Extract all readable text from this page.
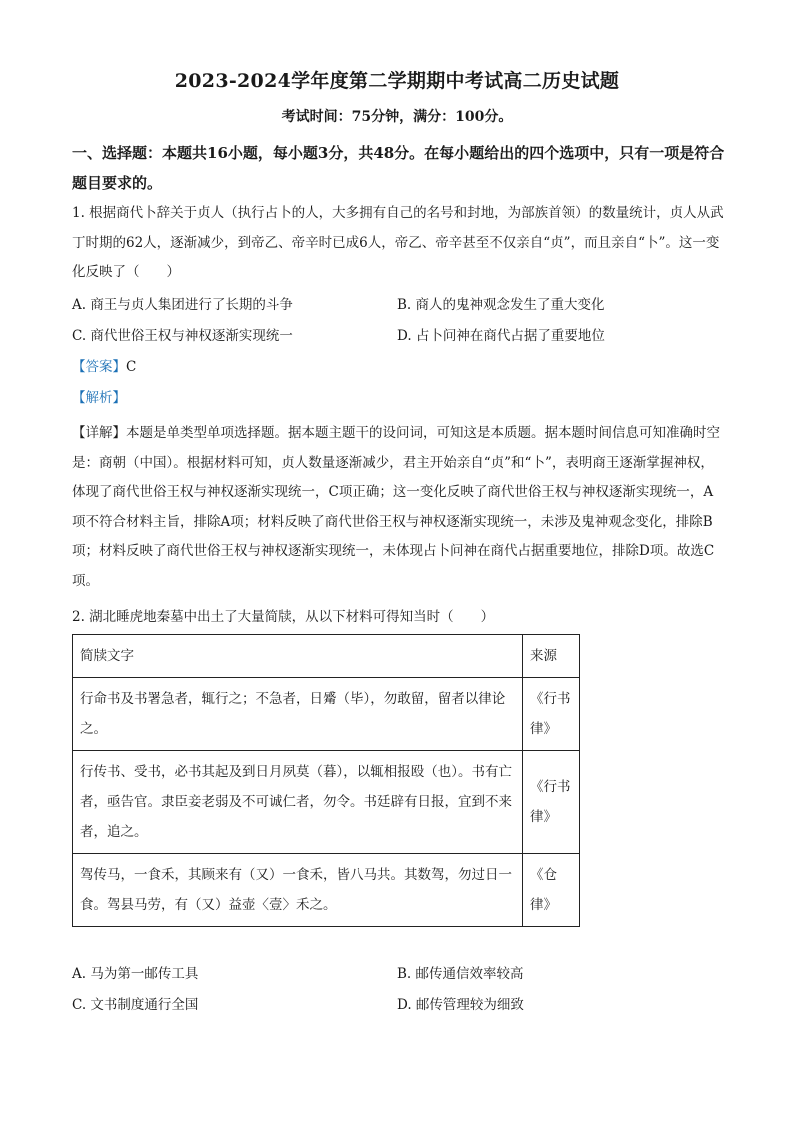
2023-2024学年度第二学期期中考试高二历史试题
考试时间：75分钟，满分：100分。
一、选择题：本题共16小题，每小题3分，共48分。在每小题给出的四个选项中，只有一项是符合题目要求的。
1. 根据商代卜辞关于贞人（执行占卜的人，大多拥有自己的名号和封地，为部族首领）的数量统计，贞人从武丁时期的62人，逐渐减少，到帝乙、帝辛时已成6人，帝乙、帝辛甚至不仅亲自“贞”，而且亲自“卜”。这一变化反映了（　　）
A. 商王与贞人集团进行了长期的斗争	B. 商人的鬼神观念发生了重大变化
C. 商代世俗王权与神权逐渐实现统一	D. 占卜问神在商代占据了重要地位
【答案】C
【解析】
【详解】本题是单类型单项选择题。据本题主题干的设问词，可知这是本质题。据本题时间信息可知准确时空是：商朝（中国）。根据材料可知，贞人数量逐渐减少，君主开始亲自“贞”和“卜”，表明商王逐渐掌握神权，体现了商代世俗王权与神权逐渐实现统一，C项正确；这一变化反映了商代世俗王权与神权逐渐实现统一，A项不符合材料主旨，排除A项；材料反映了商代世俗王权与神权逐渐实现统一，未涉及鬼神观念变化，排除B项；材料反映了商代世俗王权与神权逐渐实现统一，未体现占卜问神在商代占据重要地位，排除D项。故选C项。
2. 湖北睡虎地秦墓中出土了大量简牍，从以下材料可得知当时（　　）
简牍文字	来源
行命书及书署急者，辄行之；不急者，日觱（毕），勿敢留，留者以律论之。	《行书律》
行传书、受书，必书其起及到日月夙莫（暮），以辄相报殴（也）。书有亡者，亟告官。隶臣妾老弱及不可诚仁者，勿令。书廷辟有日报，宜到不来者，追之。	《行书律》
驾传马，一食禾，其顾来有（又）一食禾，皆八马共。其数驾，勿过日一食。驾县马劳，有（又）益壶〈壹〉禾之。	《仓律》
A. 马为第一邮传工具	B. 邮传通信效率较高
C. 文书制度通行全国	D. 邮传管理较为细致
